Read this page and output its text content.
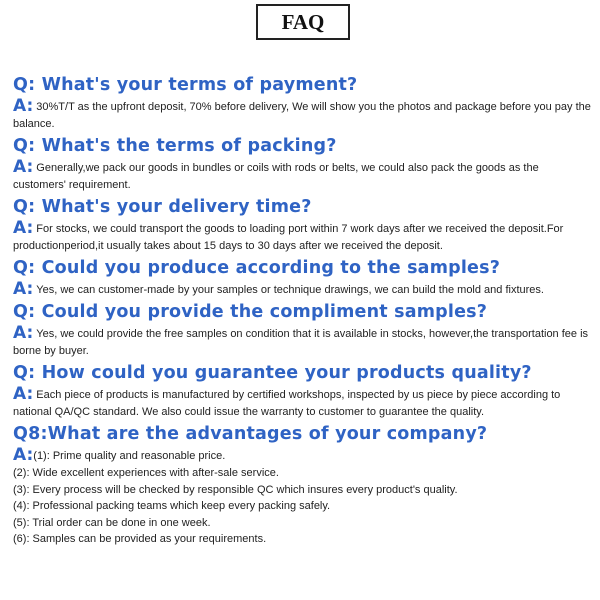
FAQ
Q: What's your terms of payment?
A: 30%T/T as the upfront deposit, 70% before delivery, We will show you the photos and package before you pay the balance.
Q: What's the terms of packing?
A: Generally,we pack our goods in bundles or coils with rods or belts, we could also pack the goods as the customers' requirement.
Q: What's your delivery time?
A: For stocks, we could transport the goods to loading port within 7 work days after we received the deposit.For productionperiod,it usually takes about 15 days to 30 days after we received the deposit.
Q: Could you produce according to the samples?
A: Yes, we can customer-made by your samples or technique drawings, we can build the mold and fixtures.
Q: Could you provide the compliment samples?
A: Yes, we could provide the free samples on condition that it is available in stocks, however,the transportation fee is borne by buyer.
Q: How could you guarantee your products quality?
A: Each piece of products is manufactured by certified workshops, inspected by us piece by piece according to national QA/QC standard. We also could issue the warranty to customer to guarantee the quality.
Q8:What are the advantages of your company?
A:(1): Prime quality and reasonable price.
(2): Wide excellent experiences with after-sale service.
(3): Every process will be checked by responsible QC which insures every product's quality.
(4): Professional packing teams which keep every packing safely.
(5): Trial order can be done in one week.
(6): Samples can be provided as your requirements.
